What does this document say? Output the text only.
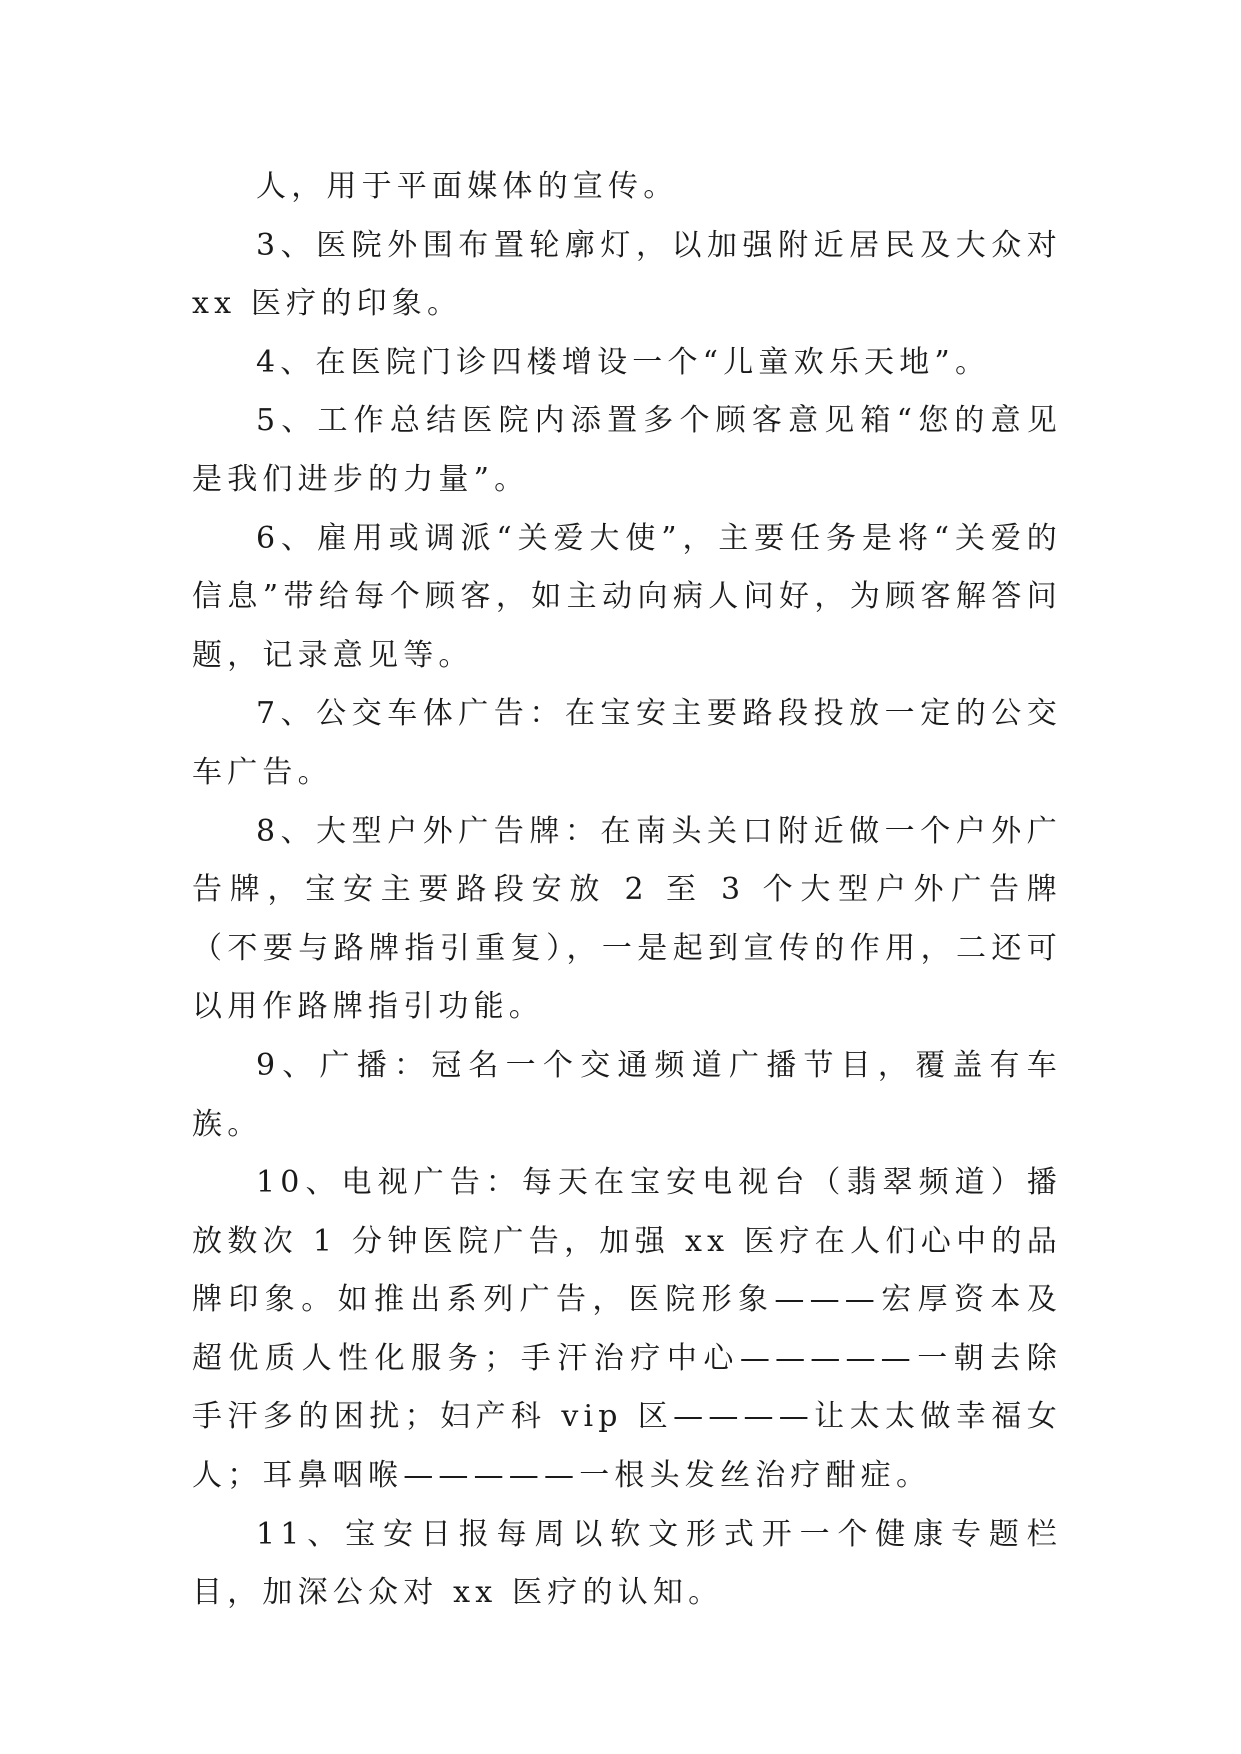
人，用于平面媒体的宣传。

3、医院外围布置轮廓灯，以加强附近居民及大众对 xx 医疗的印象。

4、在医院门诊四楼增设一个“儿童欢乐天地”。

5、工作总结医院内添置多个顾客意见箱“您的意见是我们进步的力量”。

6、雇用或调派“关爱大使”，主要任务是将“关爱的信息”带给每个顾客，如主动向病人问好，为顾客解答问题，记录意见等。

7、公交车体广告：在宝安主要路段投放一定的公交车广告。

8、大型户外广告牌：在南头关口附近做一个户外广告牌，宝安主要路段安放 2 至 3 个大型户外广告牌（不要与路牌指引重复），一是起到宣传的作用，二还可以用作路牌指引功能。

9、广播：冠名一个交通频道广播节目，覆盖有车族。

10、电视广告：每天在宝安电视台（翡翠频道）播放数次 1 分钟医院广告，加强 xx 医疗在人们心中的品牌印象。如推出系列广告，医院形象———宏厚资本及超优质人性化服务；手汗治疗中心—————一朝去除手汗多的困扰；妇产科 vip 区————让太太做幸福女人；耳鼻咽喉—————一根头发丝治疗酣症。

11、宝安日报每周以软文形式开一个健康专题栏目，加深公众对 xx 医疗的认知。
